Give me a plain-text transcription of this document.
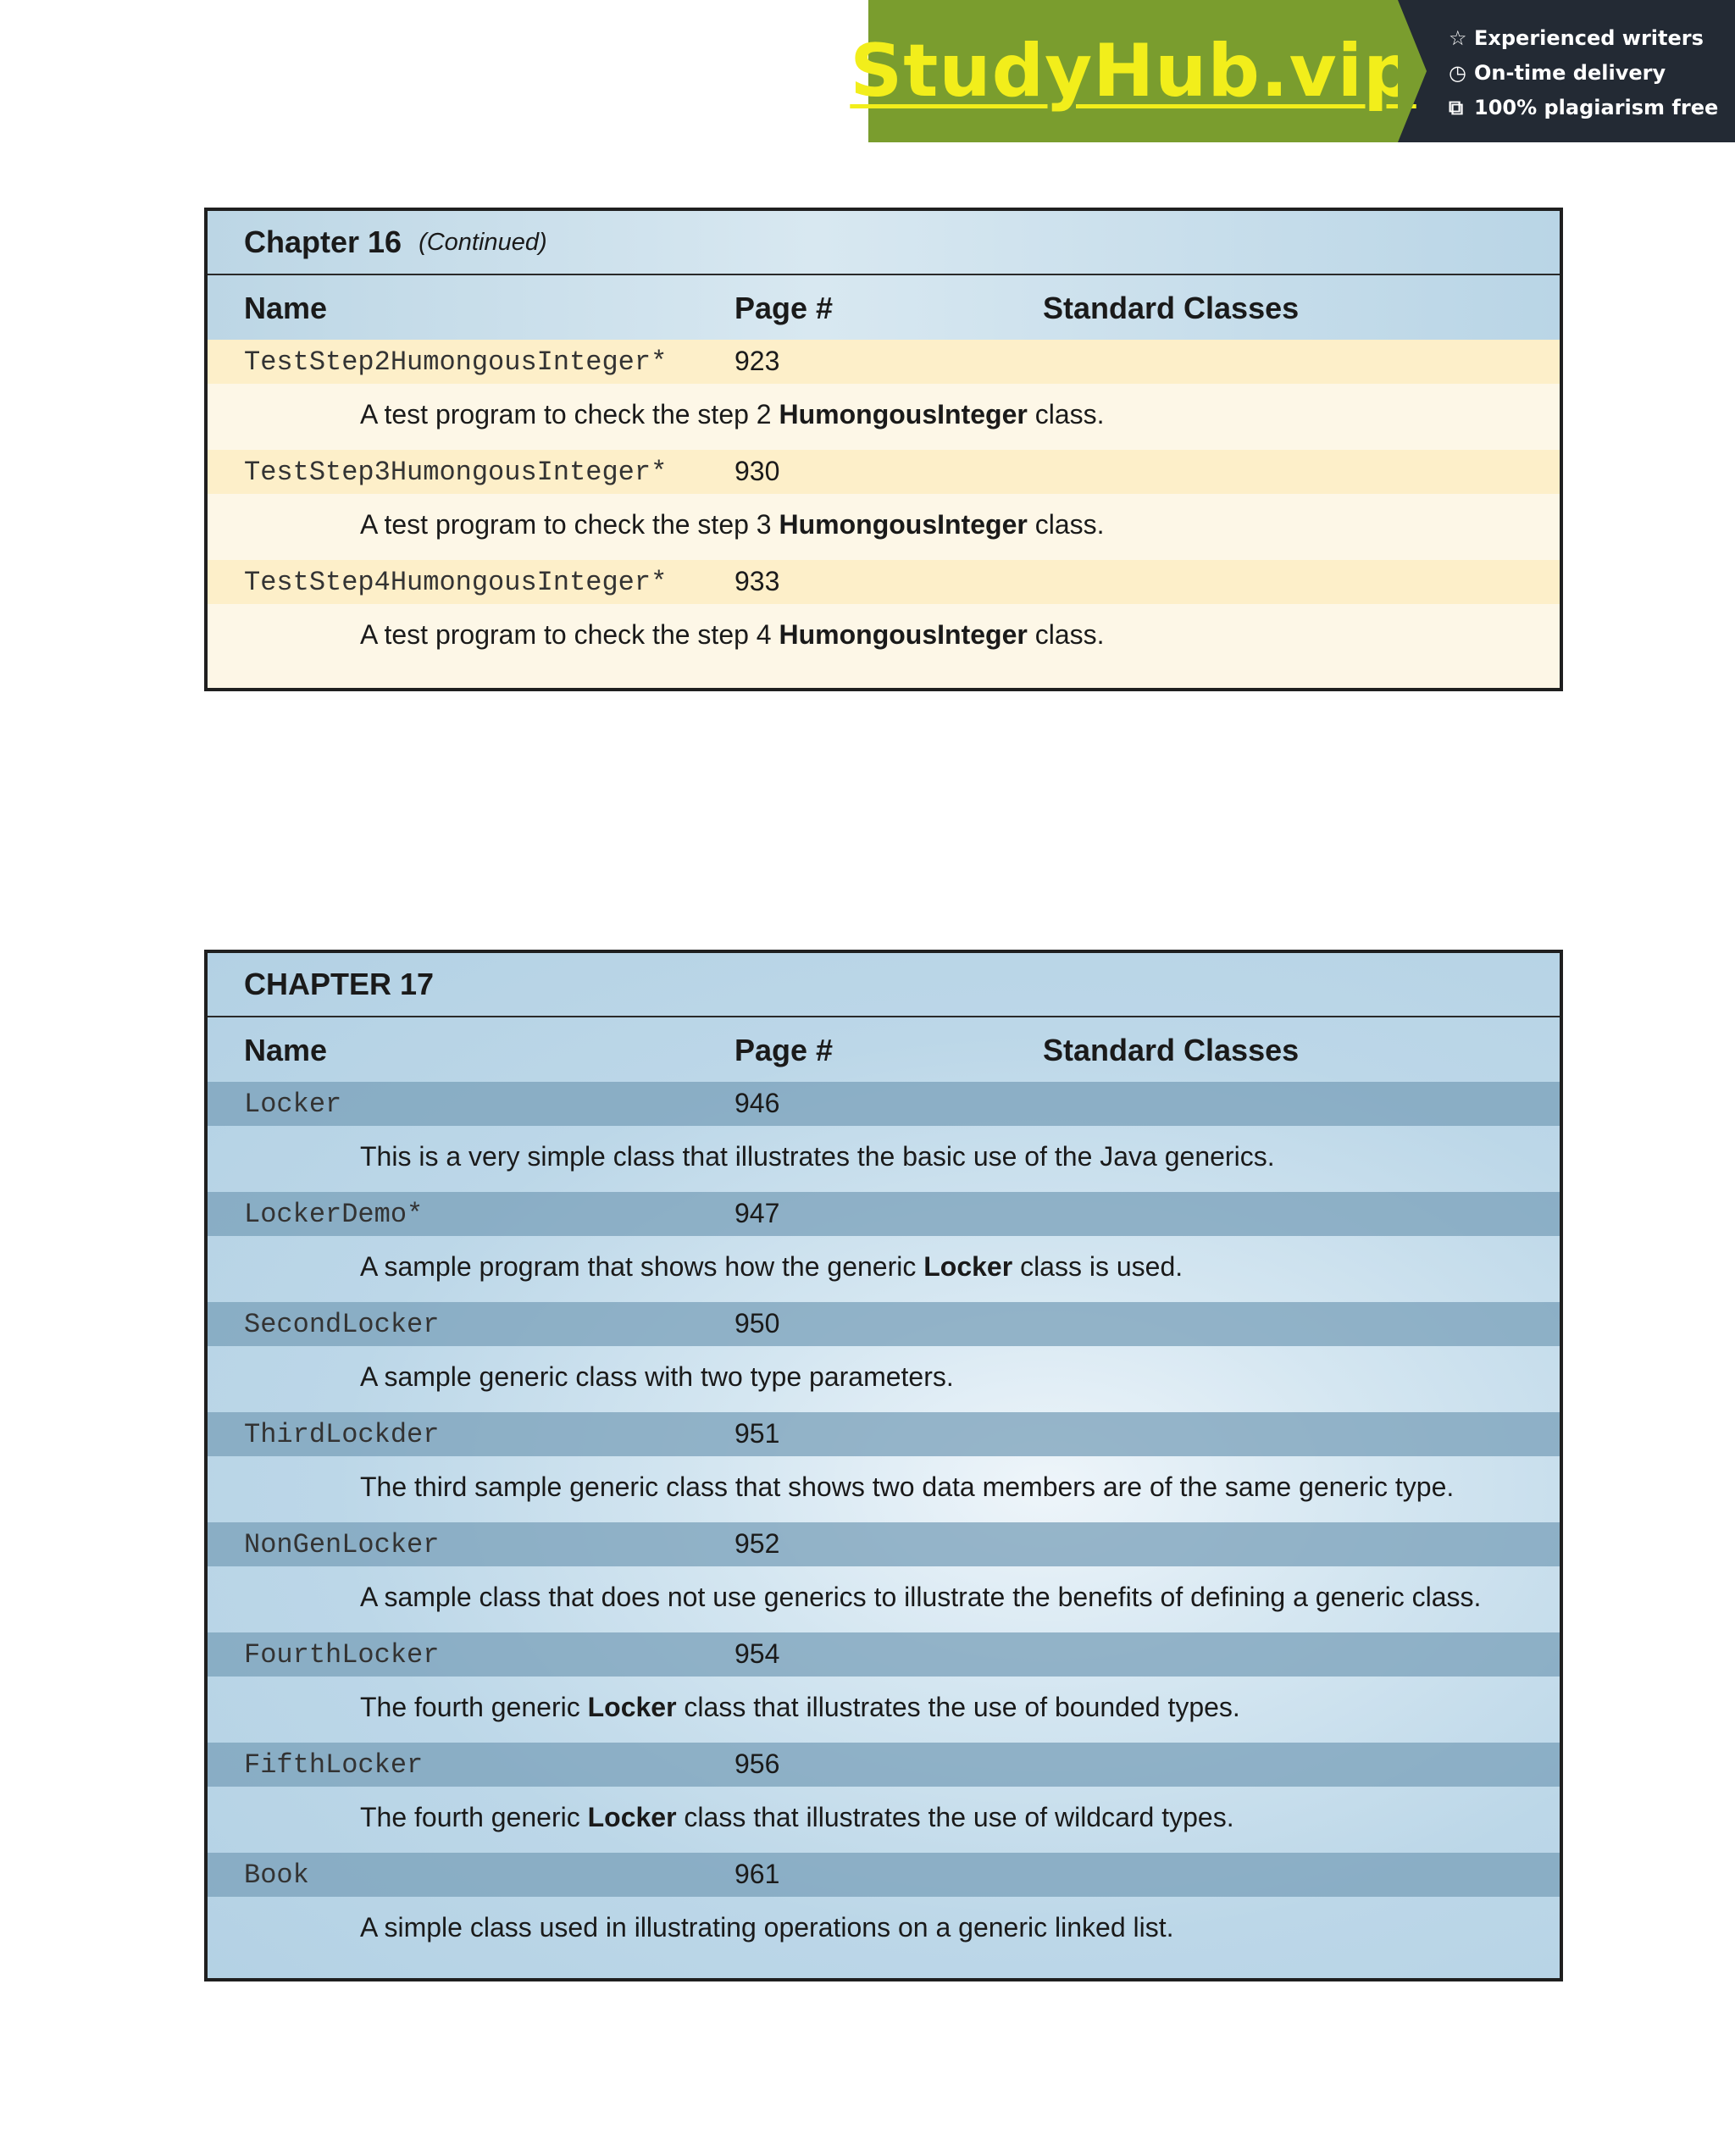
StudyHub.vip ☆ Experienced writers
◷ On-time delivery
⧉ 100% plagiarism free
Chapter 16 (Continued)
Name	Page #	Standard Classes
TestStep2HumongousInteger* 923
A test program to check the step 2 HumongousInteger class.
TestStep3HumongousInteger* 930
A test program to check the step 3 HumongousInteger class.
TestStep4HumongousInteger* 933
A test program to check the step 4 HumongousInteger class.
CHAPTER 17
Name	Page #	Standard Classes
Locker	946
This is a very simple class that illustrates the basic use of the Java generics.
LockerDemo*	947
A sample program that shows how the generic Locker class is used.
SecondLocker	950
A sample generic class with two type parameters.
ThirdLockder	951
The third sample generic class that shows two data members are of the same generic type.
NonGenLocker	952
A sample class that does not use generics to illustrate the benefits of defining a generic class.
FourthLocker	954
The fourth generic Locker class that illustrates the use of bounded types.
FifthLocker	956
The fourth generic Locker class that illustrates the use of wildcard types.
Book	961
A simple class used in illustrating operations on a generic linked list.
